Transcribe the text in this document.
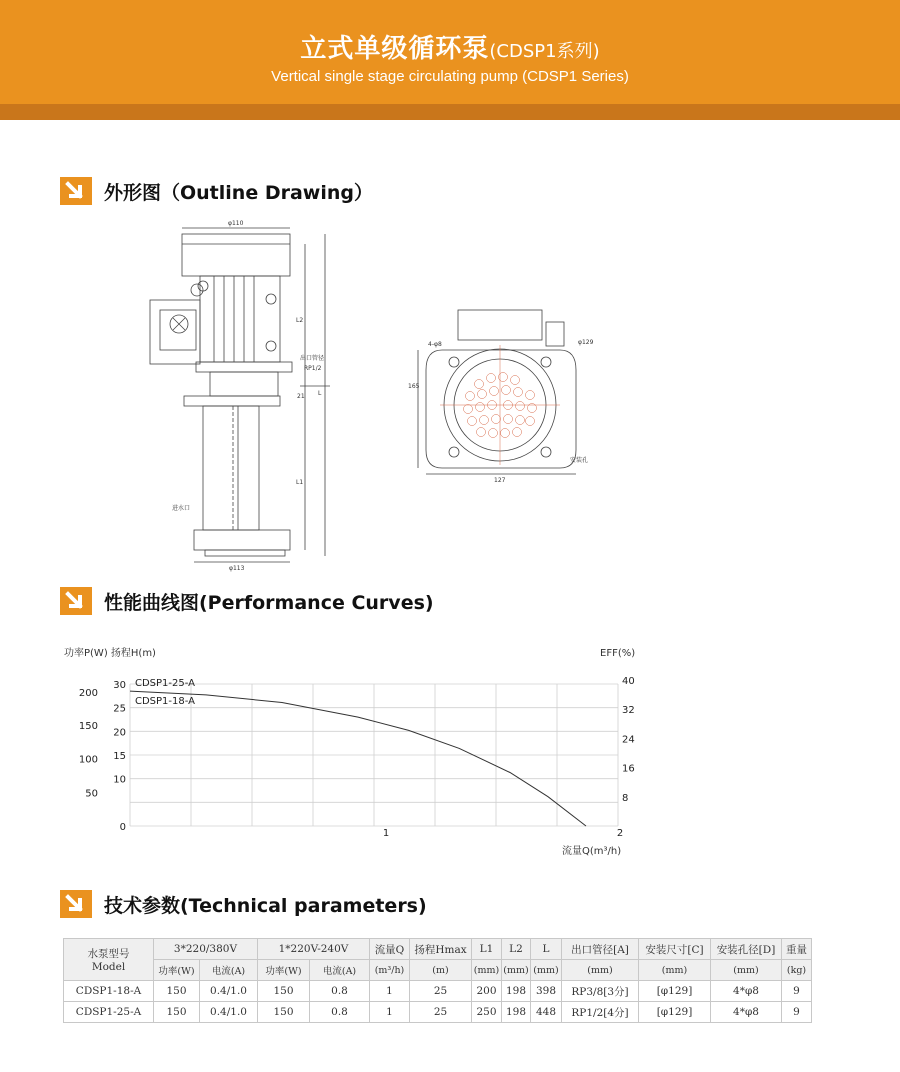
立式单级循环泵(CDSP1系列)
Vertical single stage circulating pump (CDSP1 Series)
外形图（Outline Drawing）
φ110
φ113
L2
L1
L
21
出口管径
RP1/2
进水口
φ129
4-φ8
165
127
安装孔
性能曲线图(Performance Curves)
功率P(W) 扬程H(m)	EFF(%)
流量Q(m³/h)
CDSP1-25-A
CDSP1-18-A
30
25
20
15
10
0
200
150
100
50
40
32
24
16
8
1	2
技术参数(Technical parameters)
水泵型号
Model	3*220/380V		1*220V-240V		流量Q	扬程Hmax	L1	L2	L	出口管径[A]	安装尺寸[C]	安装孔径[D]	重量
	功率(W)	电流(A)	功率(W)	电流(A)	(m³/h)	(m)	(mm)	(mm)	(mm)	(mm)	(mm)	(mm)	(kg)
CDSP1-18-A	150	0.4/1.0	150	0.8	1	25	200	198	398	RP3/8[3分]	[φ129]	4*φ8	9
CDSP1-25-A	150	0.4/1.0	150	0.8	1	25	250	198	448	RP1/2[4分]	[φ129]	4*φ8	9
